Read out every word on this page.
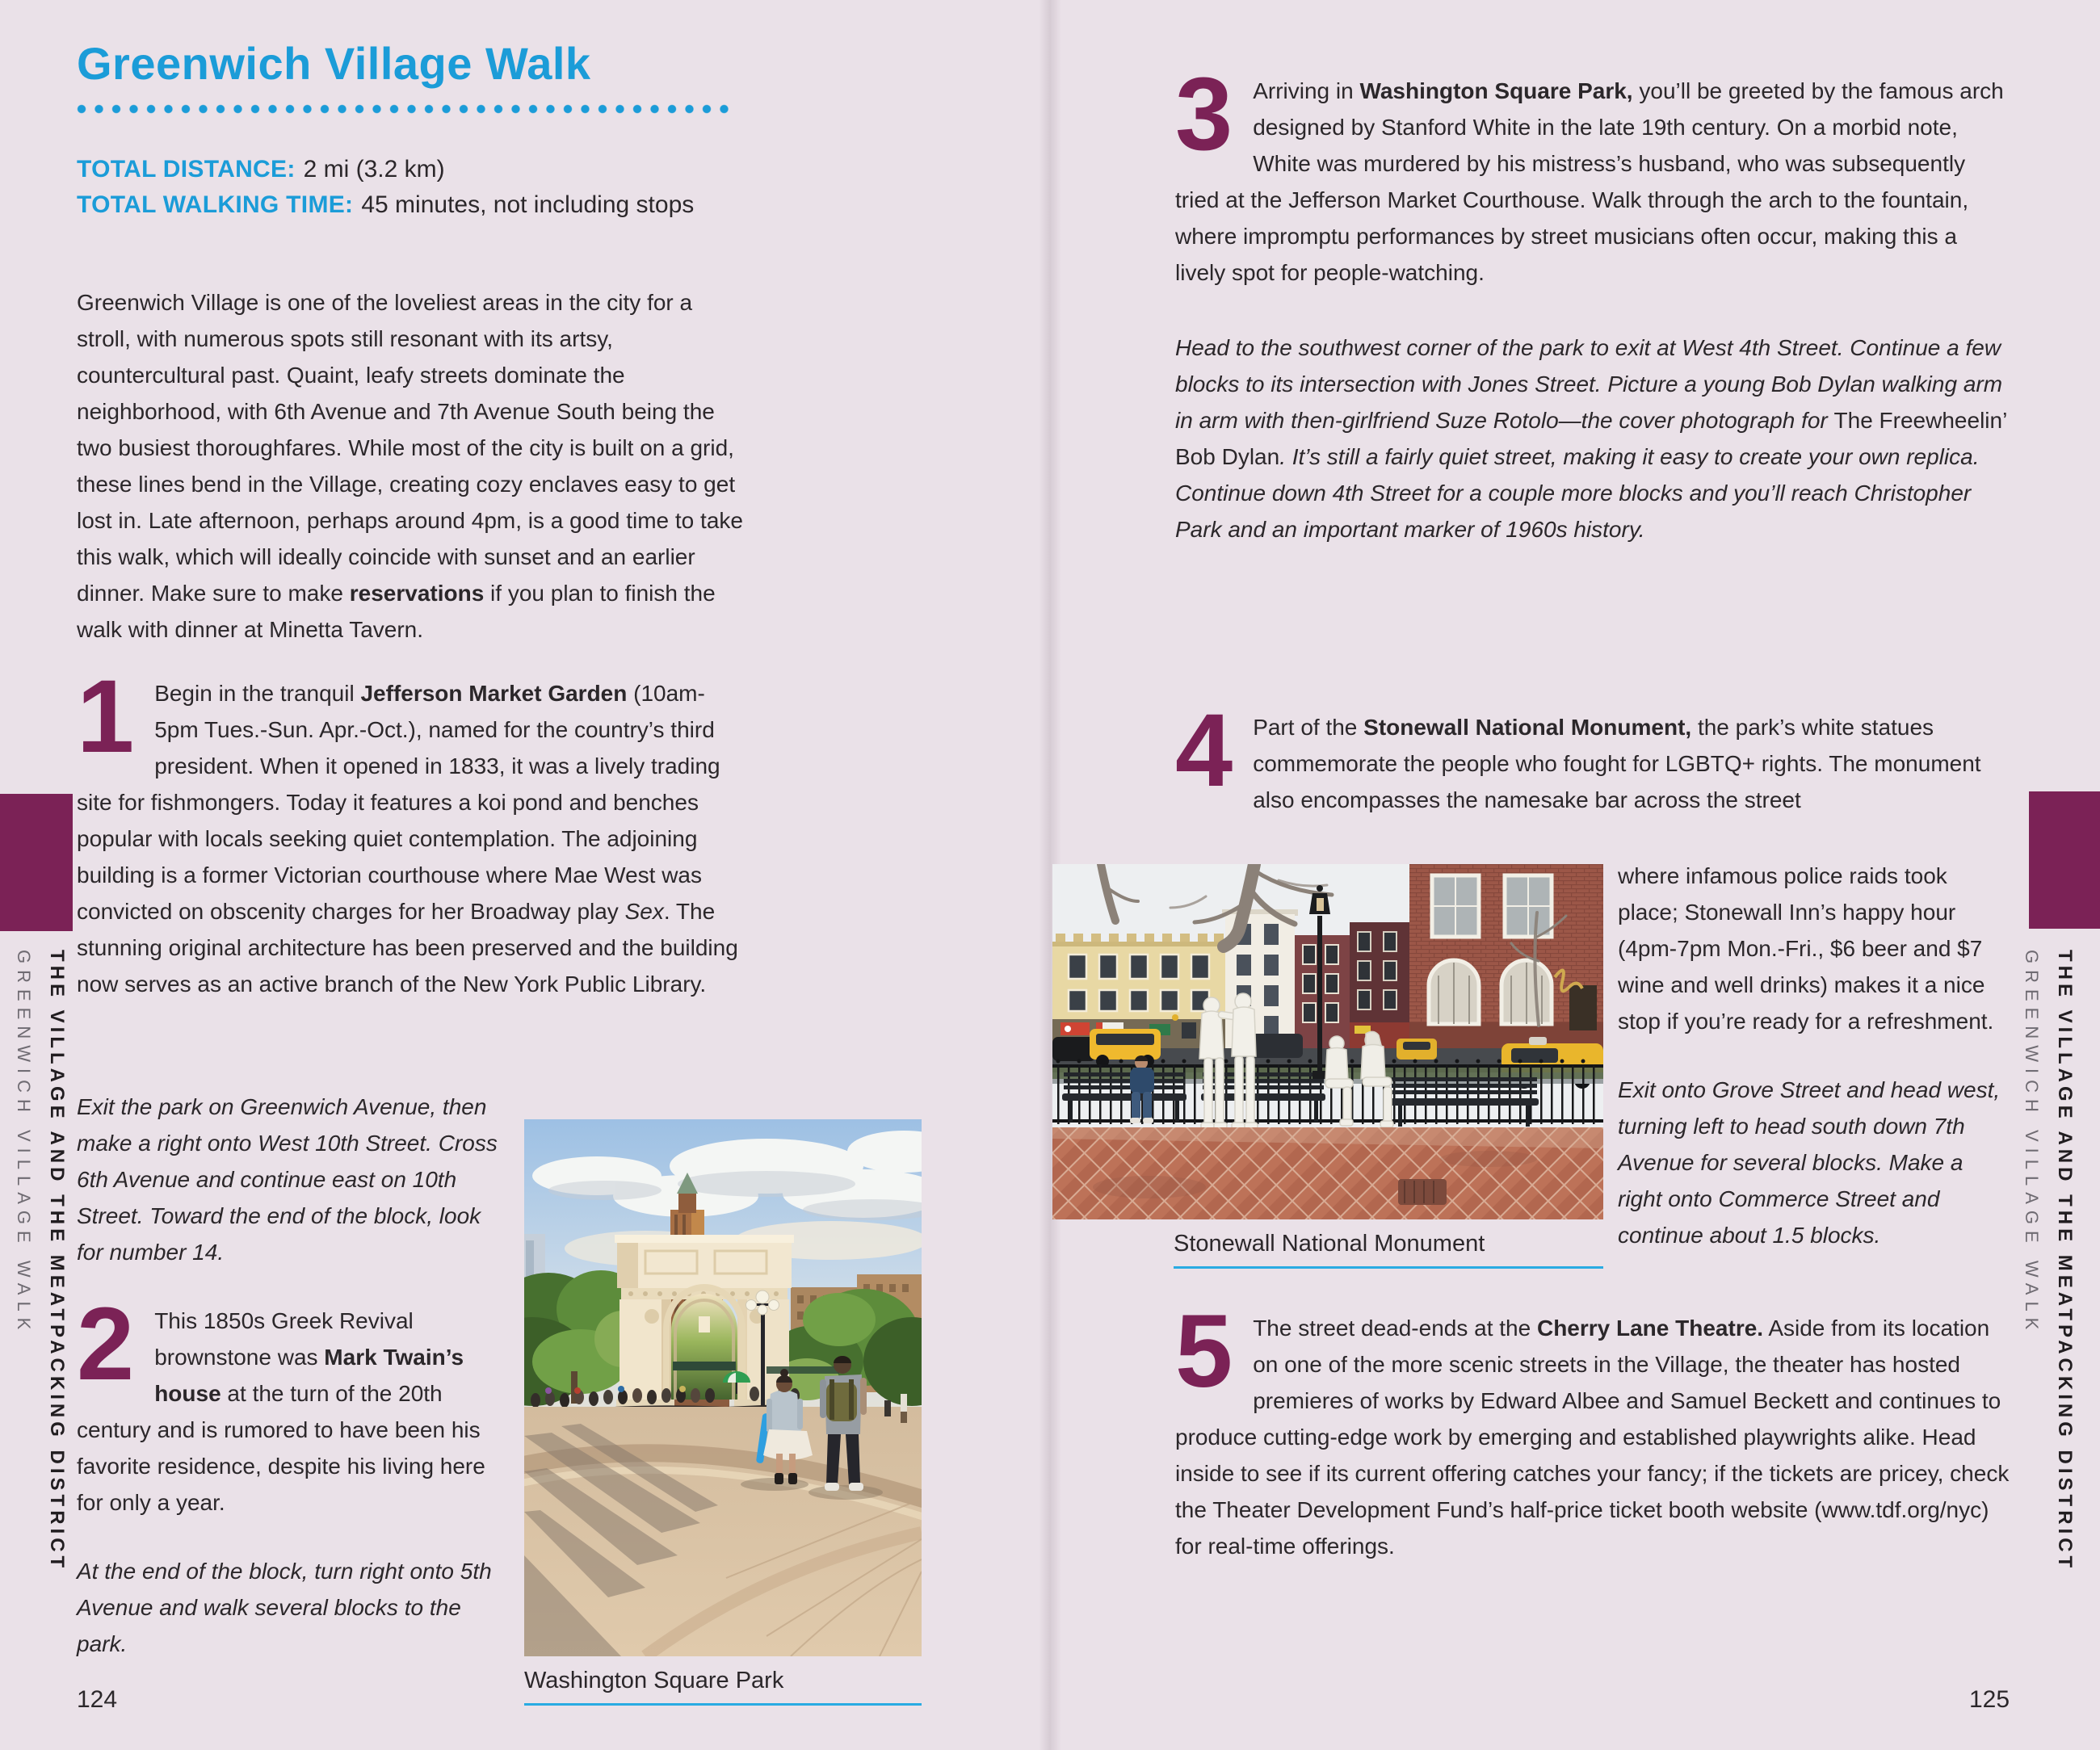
GREENWICH VILLAGE WALK THE VILLAGE AND THE MEATPACKING DISTRICT	GREENWICH VILLAGE WALK THE VILLAGE AND THE MEATPACKING DISTRICT
Greenwich Village Walk
TOTAL DISTANCE: 2 mi (3.2 km)
TOTAL WALKING TIME: 45 minutes, not including stops
Greenwich Village is one of the loveliest areas in the city for a stroll, with numerous spots still resonant with its artsy, countercultural past. Quaint, leafy streets dominate the neighborhood, with 6th Avenue and 7th Avenue South being the two busiest thoroughfares. While most of the city is built on a grid, these lines bend in the Village, creating cozy enclaves easy to get lost in. Late afternoon, perhaps around 4pm, is a good time to take this walk, which will ideally coincide with sunset and an earlier dinner. Make sure to make reservations if you plan to finish the walk with dinner at Minetta Tavern.
1	Begin in the tranquil Jefferson Market Garden (10am-5pm Tues.-Sun. Apr.-Oct.), named for the country’s third president. When it opened in 1833, it was a lively trading site for fishmongers. Today it features a koi pond and benches popular with locals seeking quiet contemplation. The adjoining building is a former Victorian courthouse where Mae West was convicted on obscenity charges for her Broadway play Sex. The stunning original architecture has been preserved and the building now serves as an active branch of the New York Public Library.

Washington Square Park

Exit the park on Greenwich Avenue, then make a right onto West 10th Street. Cross 6th Avenue and continue east on 10th Street. Toward the end of the block, look for number 14.

2	This 1850s Greek Revival brownstone was Mark Twain’s house at the turn of the 20th century and is rumored to have been his favorite residence, despite his living here for only a year.

At the end of the block, turn right onto 5th Avenue and walk several blocks to the park.

124
3	Arriving in Washington Square Park, you’ll be greeted by the famous arch designed by Stanford White in the late 19th century. On a morbid note, White was murdered by his mistress’s husband, who was subsequently tried at the Jefferson Market Courthouse. Walk through the arch to the fountain, where impromptu performances by street musicians often occur, making this a lively spot for people-watching.

Head to the southwest corner of the park to exit at West 4th Street. Continue a few blocks to its intersection with Jones Street. Picture a young Bob Dylan walking arm in arm with then-girlfriend Suze Rotolo—the cover photograph for The Freewheelin’ Bob Dylan. It’s still a fairly quiet street, making it easy to create your own replica. Continue down 4th Street for a couple more blocks and you’ll reach Christopher Park and an important marker of 1960s history.

4	Part of the Stonewall National Monument, the park’s white statues commemorate the people who fought for LGBTQ+ rights. The monument also encompasses the namesake bar across the street

Stonewall National Monument

where infamous police raids took place; Stonewall Inn’s happy hour (4pm-7pm Mon.-Fri., $6 beer and $7 wine and well drinks) makes it a nice stop if you’re ready for a refreshment.

Exit onto Grove Street and head west, turning left to head south down 7th Avenue for several blocks. Make a right onto Commerce Street and continue about 1.5 blocks.

5	The street dead-ends at the Cherry Lane Theatre. Aside from its location on one of the more scenic streets in the Village, the theater has hosted premieres of works by Edward Albee and Samuel Beckett and continues to produce cutting-edge work by emerging and established playwrights alike. Head inside to see if its current offering catches your fancy; if the tickets are pricey, check the Theater Development Fund’s half-price ticket booth website (www.tdf.org/nyc) for real-time offerings.

125
